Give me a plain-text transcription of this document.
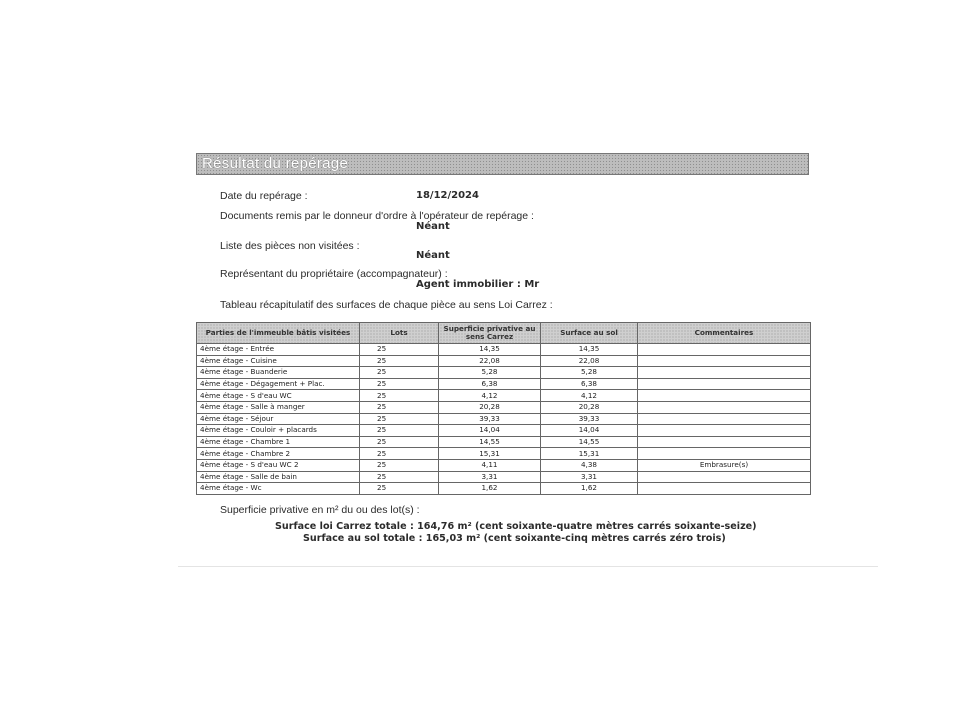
Résultat du repérage
Date du repérage :	18/12/2024
Documents remis par le donneur d'ordre à l'opérateur de repérage :
Néant
Liste des pièces non visitées :
Néant
Représentant du propriétaire (accompagnateur) :
Agent immobilier : Mr
Tableau récapitulatif des surfaces de chaque pièce au sens Loi Carrez :
Parties de l'immeuble bâtis visitées	Lots	Superficie privative au sens Carrez	Surface au sol	Commentaires
4ème étage - Entrée	25	14,35	14,35	
4ème étage - Cuisine	25	22,08	22,08	
4ème étage - Buanderie	25	5,28	5,28	
4ème étage - Dégagement + Plac.	25	6,38	6,38	
4ème étage - S d'eau WC	25	4,12	4,12	
4ème étage - Salle à manger	25	20,28	20,28	
4ème étage - Séjour	25	39,33	39,33	
4ème étage - Couloir + placards	25	14,04	14,04	
4ème étage - Chambre 1	25	14,55	14,55	
4ème étage - Chambre 2	25	15,31	15,31	
4ème étage - S d'eau WC 2	25	4,11	4,38	Embrasure(s)
4ème étage - Salle de bain	25	3,31	3,31	
4ème étage - Wc	25	1,62	1,62	
Superficie privative en m² du ou des lot(s) :
Surface loi Carrez totale : 164,76 m² (cent soixante-quatre mètres carrés soixante-seize)
Surface au sol totale : 165,03 m² (cent soixante-cinq mètres carrés zéro trois)
